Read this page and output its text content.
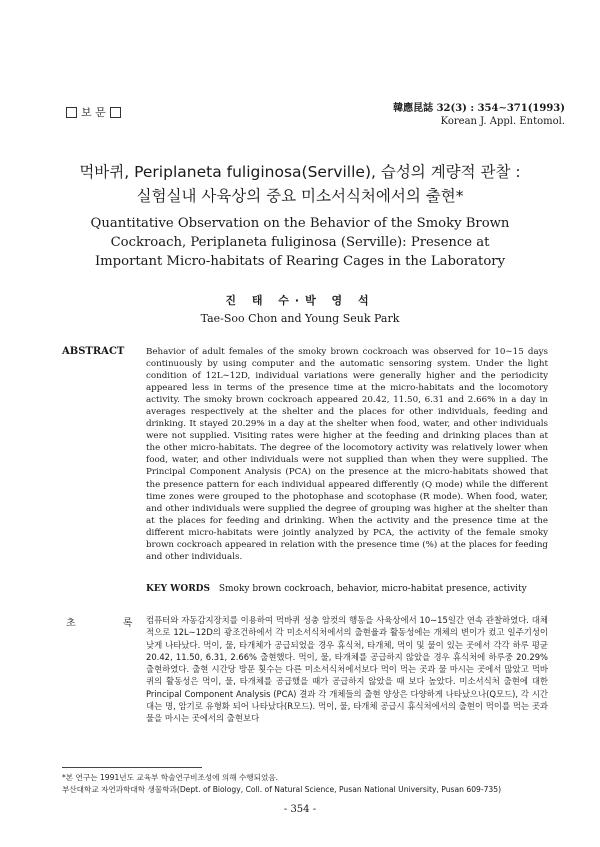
보 문	韓應昆誌 32(3) : 354∼371(1993)
Korean J. Appl. Entomol.
먹바퀴, Periplaneta fuliginosa(Serville), 습성의 계량적 관찰 :
실험실내 사육상의 중요 미소서식처에서의 출현*
Quantitative Observation on the Behavior of the Smoky Brown
Cockroach, Periplaneta fuliginosa (Serville): Presence at
Important Micro-habitats of Rearing Cages in the Laboratory
진 태 수·박 영 석
Tae-Soo Chon and Young Seuk Park
ABSTRACT Behavior of adult females of the smoky brown cockroach was observed for 10∼15 days continuously by using computer and the automatic sensoring system. Under the light condition of 12L∼12D, individual variations were generally higher and the periodicity appeared less in terms of the presence time at the micro-habitats and the locomotory activity. The smoky brown cockroach appeared 20.42, 11.50, 6.31 and 2.66% in a day in averages respectively at the shelter and the places for other individuals, feeding and drinking. It stayed 20.29% in a day at the shelter when food, water, and other individuals were not supplied. Visiting rates were higher at the feeding and drinking places than at the other micro-habitats. The degree of the locomotory activity was relatively lower when food, water, and other individuals were not supplied than when they were supplied. The Principal Component Analysis (PCA) on the presence at the micro-habitats showed that the presence pattern for each individual appeared differently (Q mode) while the different time zones were grouped to the photophase and scotophase (R mode). When food, water, and other individuals were supplied the degree of grouping was higher at the shelter than at the places for feeding and drinking. When the activity and the presence time at the different micro-habitats were jointly analyzed by PCA, the activity of the female smoky brown cockroach appeared in relation with the presence time (%) at the places for feeding and other individuals.
KEY WORDS Smoky brown cockroach, behavior, micro-habitat presence, activity
초 록
컴퓨터와 자동감지장치를 이용하여 먹바퀴 성충 암컷의 행동을 사육상에서 10∼15일간 연속 관찰하였다. 대체적으로 12L∼12D의 광조건하에서 각 미소서식처에서의 출현율과 활동성에는 개체의 변이가 컸고 일주기성이 낮게 나타났다. 먹이, 물, 타개체가 공급되었을 경우 휴식처, 타개체, 먹이 및 물이 있는 곳에서 각각 하루 평균 20.42, 11.50, 6.31, 2.66% 출현했다. 먹이, 물, 타개체를 공급하지 않았을 경우 휴식처에 하루중 20.29% 출현하였다. 출현 시간당 방문 횟수는 다른 미소서식처에서보다 먹이 먹는 곳과 물 마시는 곳에서 많았고 먹바퀴의 활동성은 먹이, 물, 타개체를 공급했을 때가 공급하지 않았을 때 보다 높았다. 미소서식처 출현에 대한 Principal Component Analysis (PCA) 결과 각 개체들의 출현 양상은 다양하게 나타났으나(Q모드), 각 시간대는 명, 암기로 유형화 되어 나타났다(R모드). 먹이, 물, 타개체 공급시 휴식처에서의 출현이 먹이를 먹는 곳과 물을 마시는 곳에서의 출현보다
*본 연구는 1991년도 교육부 학술연구비조성에 의해 수행되었음.
부산대학교 자연과학대학 생물학과(Dept. of Biology, Coll. of Natural Science, Pusan National University, Pusan 609-735)
- 354 -
